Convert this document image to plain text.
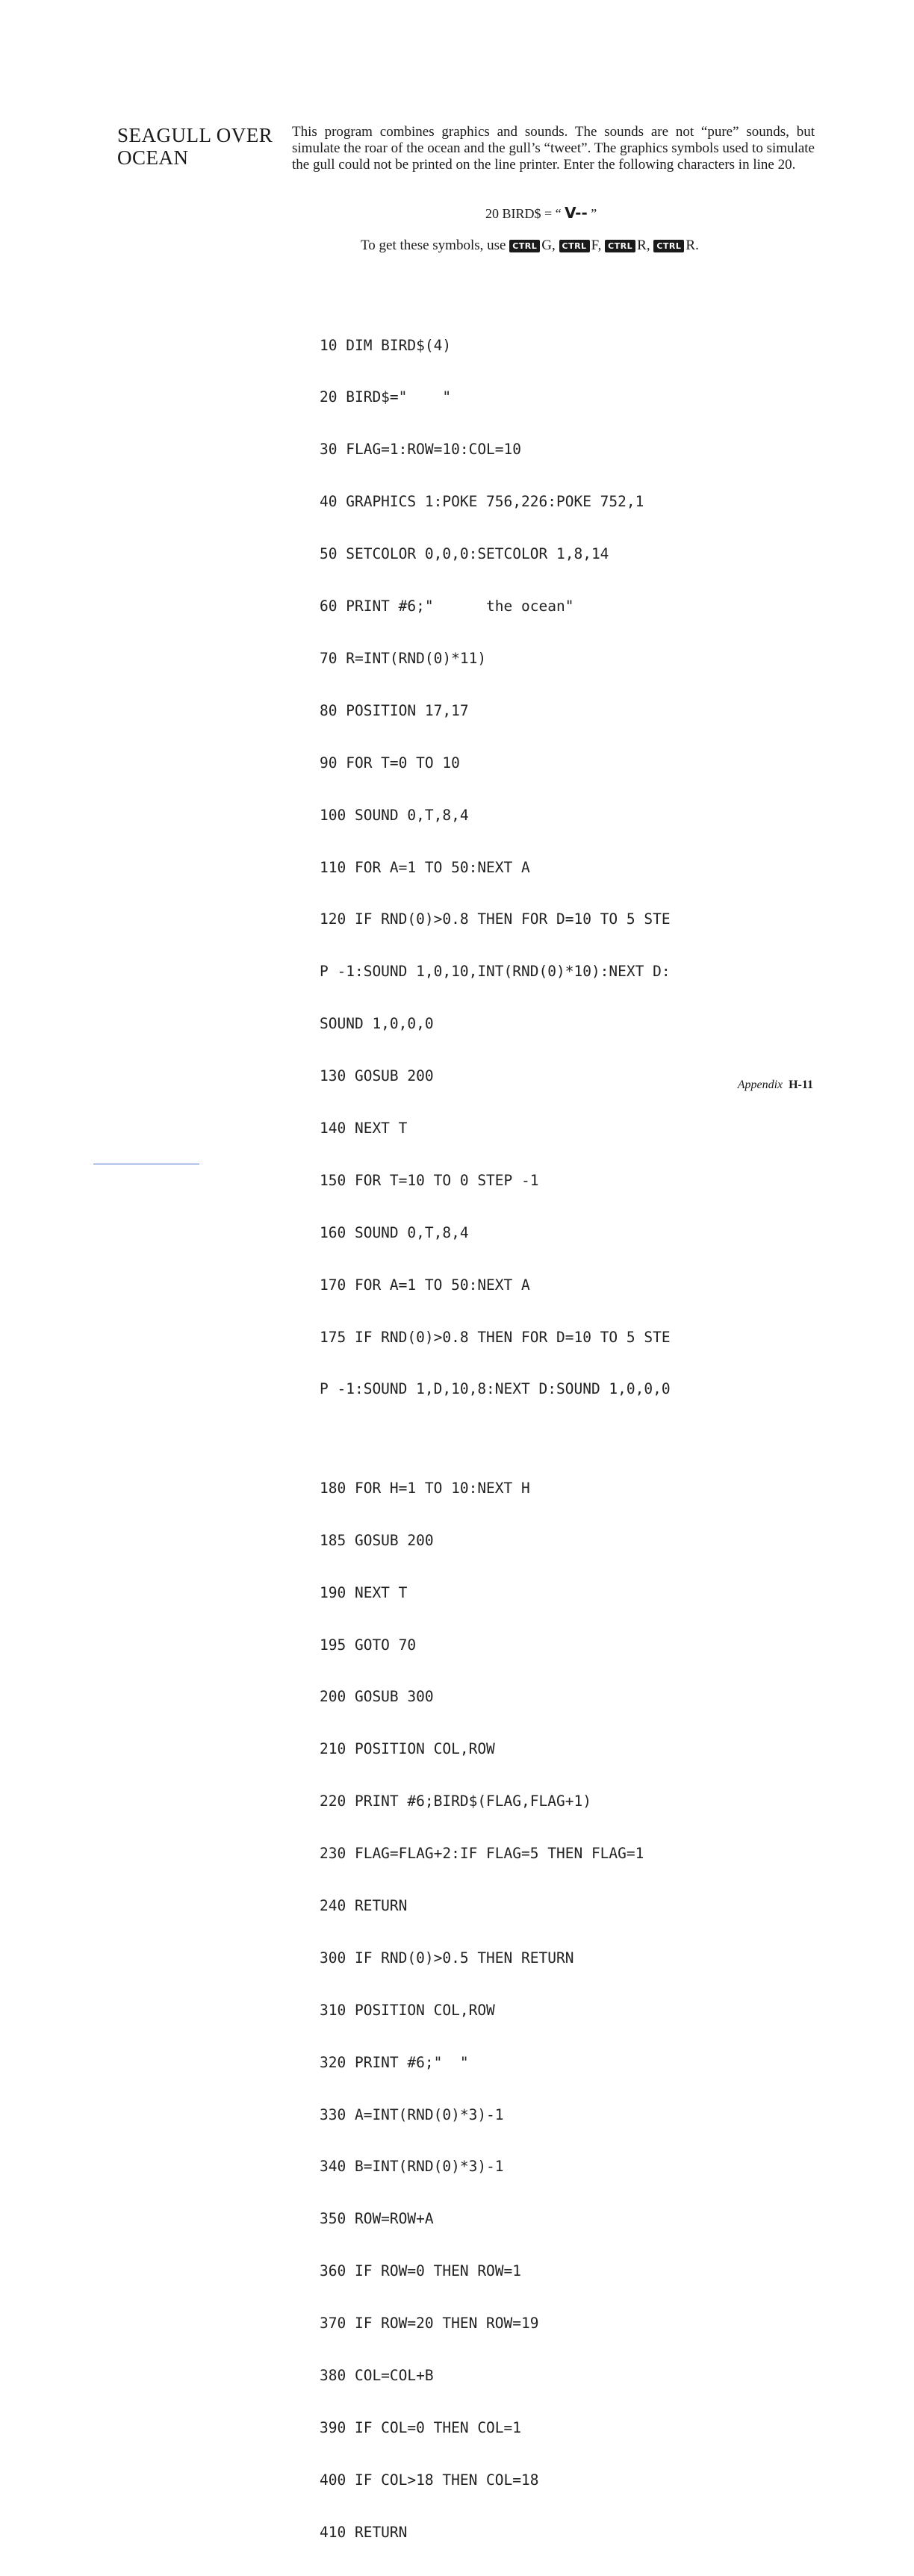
SEAGULL OVER
OCEAN
This program combines graphics and sounds. The sounds are not “pure” sounds, but simulate the roar of the ocean and the gull’s “tweet”. The graphics symbols used to simulate the gull could not be printed on the line printer. Enter the following characters in line 20.
20 BIRD$ = “ V-- ”
To get these symbols, use CTRL G, CTRL F, CTRL R, CTRL R.

10 DIM BIRD$(4)

20 BIRD$="    "

30 FLAG=1:ROW=10:COL=10

40 GRAPHICS 1:POKE 756,226:POKE 752,1

50 SETCOLOR 0,0,0:SETCOLOR 1,8,14

60 PRINT #6;"      the ocean"

70 R=INT(RND(0)*11)

80 POSITION 17,17

90 FOR T=0 TO 10

100 SOUND 0,T,8,4

110 FOR A=1 TO 50:NEXT A

120 IF RND(0)>0.8 THEN FOR D=10 TO 5 STE

P -1:SOUND 1,0,10,INT(RND(0)*10):NEXT D:

SOUND 1,0,0,0

130 GOSUB 200

140 NEXT T

150 FOR T=10 TO 0 STEP -1

160 SOUND 0,T,8,4

170 FOR A=1 TO 50:NEXT A

175 IF RND(0)>0.8 THEN FOR D=10 TO 5 STE

P -1:SOUND 1,D,10,8:NEXT D:SOUND 1,0,0,0

180 FOR H=1 TO 10:NEXT H

185 GOSUB 200

190 NEXT T

195 GOTO 70

200 GOSUB 300

210 POSITION COL,ROW

220 PRINT #6;BIRD$(FLAG,FLAG+1)

230 FLAG=FLAG+2:IF FLAG=5 THEN FLAG=1

240 RETURN

300 IF RND(0)>0.5 THEN RETURN

310 POSITION COL,ROW

320 PRINT #6;"  "

330 A=INT(RND(0)*3)-1

340 B=INT(RND(0)*3)-1

350 ROW=ROW+A

360 IF ROW=0 THEN ROW=1

370 IF ROW=20 THEN ROW=19

380 COL=COL+B

390 IF COL=0 THEN COL=1

400 IF COL>18 THEN COL=18

410 RETURN

Appendix H-11
